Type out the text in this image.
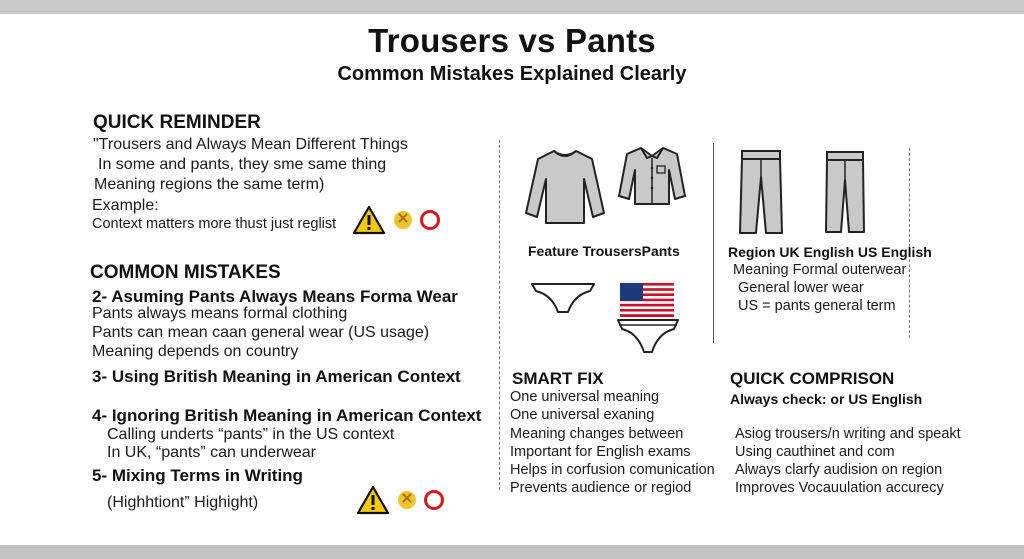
Trousers vs Pants
Common Mistakes Explained Clearly
QUICK REMINDER
"Trousers and Always Mean Different Things
In some and pants, they sme same thing
Meaning regions the same term)
Example:
Context matters more thust just reglist
×
COMMON MISTAKES
2- Asuming Pants Always Means Forma Wear
Pants always means formal clothing
Pants can mean caan general wear (US usage)
Meaning depends on country
3- Using British Meaning in American Context
4- Ignoring British Meaning in American Context
Calling underts “pants” in the US context
In UK, “pants” can underwear
5- Mixing Terms in Writing
(Highhtiont” Highight)
×
Feature TrousersPants	Region UK English US English
Meaning Formal outerwear
General lower wear
US = pants general term
SMART FIX
One universal meaning
One universal exaning
Meaning changes between
Important for English exams
Helps in corfusion comunication
Prevents audience or regiod
QUICK COMPRISON
Always check: or US English
Asiog trousers/n writing and speakt
Using cauthinet and com
Always clarfy audision on region
Improves Vocauulation accurecy
